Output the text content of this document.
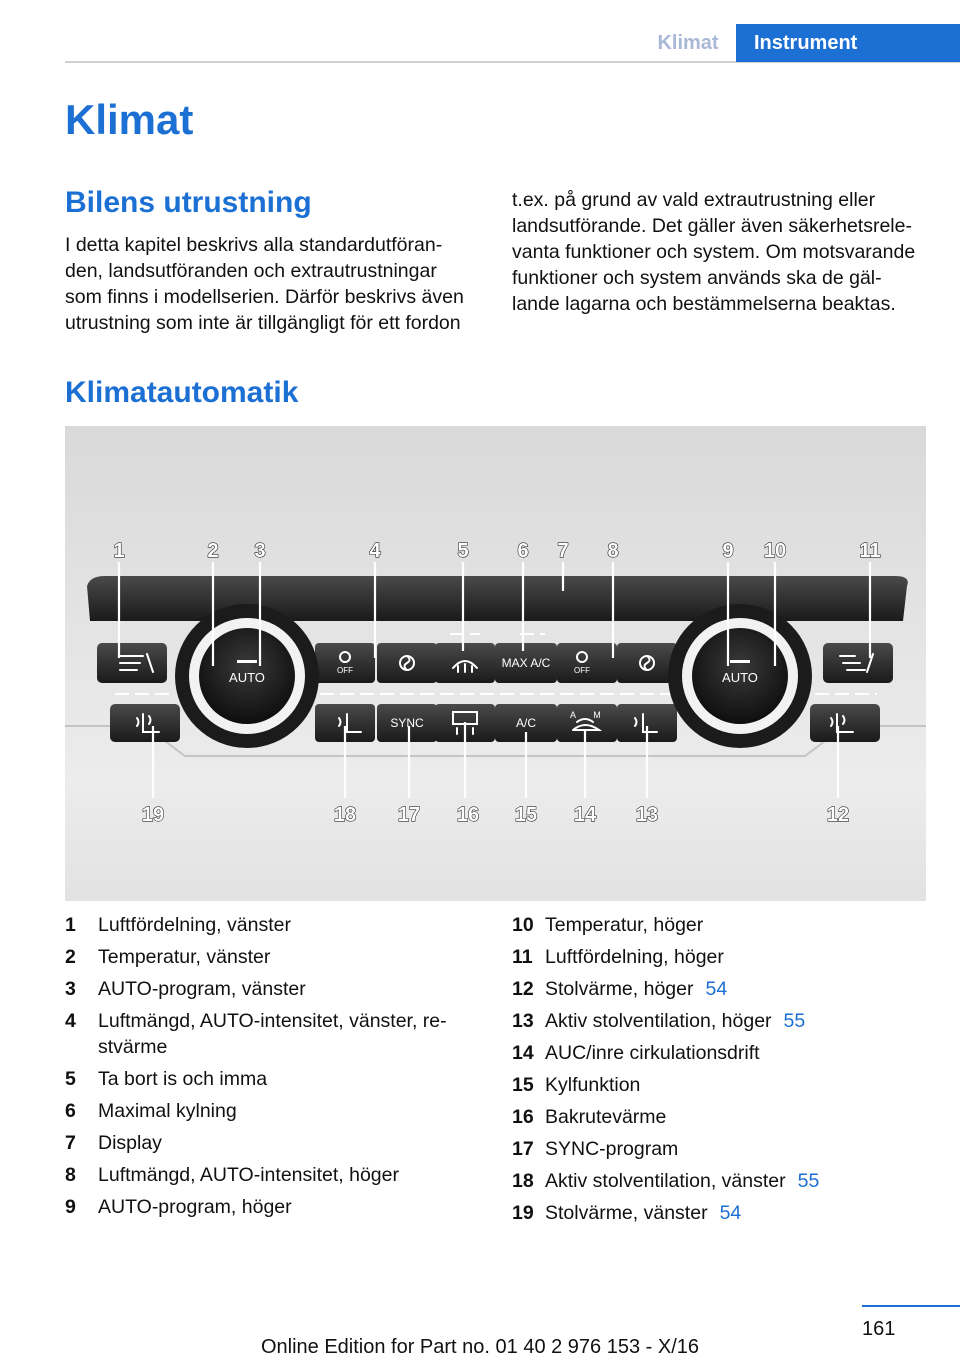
Klimat	Instrument
Klimat
Bilens utrustning
I detta kapitel beskrivs alla standardutföran-
den, landsutföranden och extrautrustningar
som finns i modellserien. Därför beskrivs även
utrustning som inte är tillgängligt för ett fordon
t.ex. på grund av vald extrautrustning eller
landsutförande. Det gäller även säkerhetsrele-
vanta funktioner och system. Om motsvarande
funktioner och system används ska de gäl-
lande lagarna och bestämmelserna beaktas.
Klimatautomatik
AUTO	AUTO
OFF	OFF
MAX A/C
SYNC	A/C
A M
1	2 3	4	5 6 7 8	9 10	11
19	18 17 16 15 14 13	12
1	Luftfördelning, vänster
2	Temperatur, vänster
3	AUTO-program, vänster
4	Luftmängd, AUTO-intensitet, vänster, re-
stvärme
5	Ta bort is och imma
6	Maximal kylning
7	Display
8	Luftmängd, AUTO-intensitet, höger
9	AUTO-program, höger
10 Temperatur, höger
11 Luftfördelning, höger
12 Stolvärme, höger 54
13 Aktiv stolventilation, höger 55
14 AUC/inre cirkulationsdrift
15 Kylfunktion
16 Bakrutevärme
17 SYNC-program
18 Aktiv stolventilation, vänster 55
19 Stolvärme, vänster 54
161
Online Edition for Part no. 01 40 2 976 153 - X/16
